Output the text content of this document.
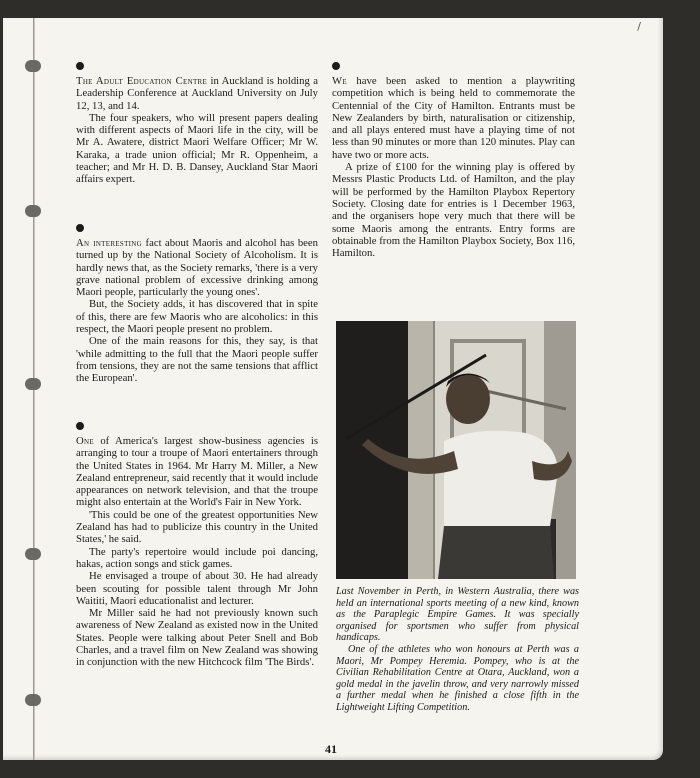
/

The Adult Education Centre in Auckland is holding a Leadership Conference at Auckland University on July 12, 13, and 14.

The four speakers, who will present papers dealing with different aspects of Maori life in the city, will be Mr A. Awatere, district Maori Welfare Officer; Mr W. Karaka, a trade union official; Mr R. Oppenheim, a teacher; and Mr H. D. B. Dansey, Auckland Star Maori affairs expert.

An interesting fact about Maoris and alcohol has been turned up by the National Society of Alcoholism. It is hardly news that, as the Society remarks, 'there is a very grave national problem of excessive drinking among Maori people, particularly the young ones'.

But, the Society adds, it has discovered that in spite of this, there are few Maoris who are alcoholics: in this respect, the Maori people present no problem.

One of the main reasons for this, they say, is that 'while admitting to the full that the Maori people suffer from tensions, they are not the same tensions that afflict the European'.

One of America's largest show-business agencies is arranging to tour a troupe of Maori entertainers through the United States in 1964. Mr Harry M. Miller, a New Zealand entrepreneur, said recently that it would include appearances on network television, and that the troupe might also entertain at the World's Fair in New York.

'This could be one of the greatest opportunities New Zealand has had to publicize this country in the United States,' he said.

The party's repertoire would include poi dancing, hakas, action songs and stick games.

He envisaged a troupe of about 30. He had already been scouting for possible talent through Mr John Waititi, Maori educationalist and lecturer.

Mr Miller said he had not previously known such awareness of New Zealand as existed now in the United States. People were talking about Peter Snell and Bob Charles, and a travel film on New Zealand was showing in conjunction with the new Hitchcock film 'The Birds'.

We have been asked to mention a playwriting competition which is being held to commemorate the Centennial of the City of Hamilton. Entrants must be New Zealanders by birth, naturalisation or citizenship, and all plays entered must have a playing time of not less than 90 minutes or more than 120 minutes. Play can have two or more acts.

A prize of £100 for the winning play is offered by Messrs Plastic Products Ltd. of Hamilton, and the play will be performed by the Hamilton Playbox Repertory Society. Closing date for entries is 1 December 1963, and the organisers hope very much that there will be some Maoris among the entrants. Entry forms are obtainable from the Hamilton Playbox Society, Box 116, Hamilton.

Last November in Perth, in Western Australia, there was held an international sports meeting of a new kind, known as the Paraplegic Empire Games. It was specially organised for sportsmen who suffer from physical handicaps.

One of the athletes who won honours at Perth was a Maori, Mr Pompey Heremia. Pompey, who is at the Civilian Rehabilitation Centre at Otara, Auckland, won a gold medal in the javelin throw, and very narrowly missed a further medal when he finished a close fifth in the Lightweight Lifting Competition.

41
